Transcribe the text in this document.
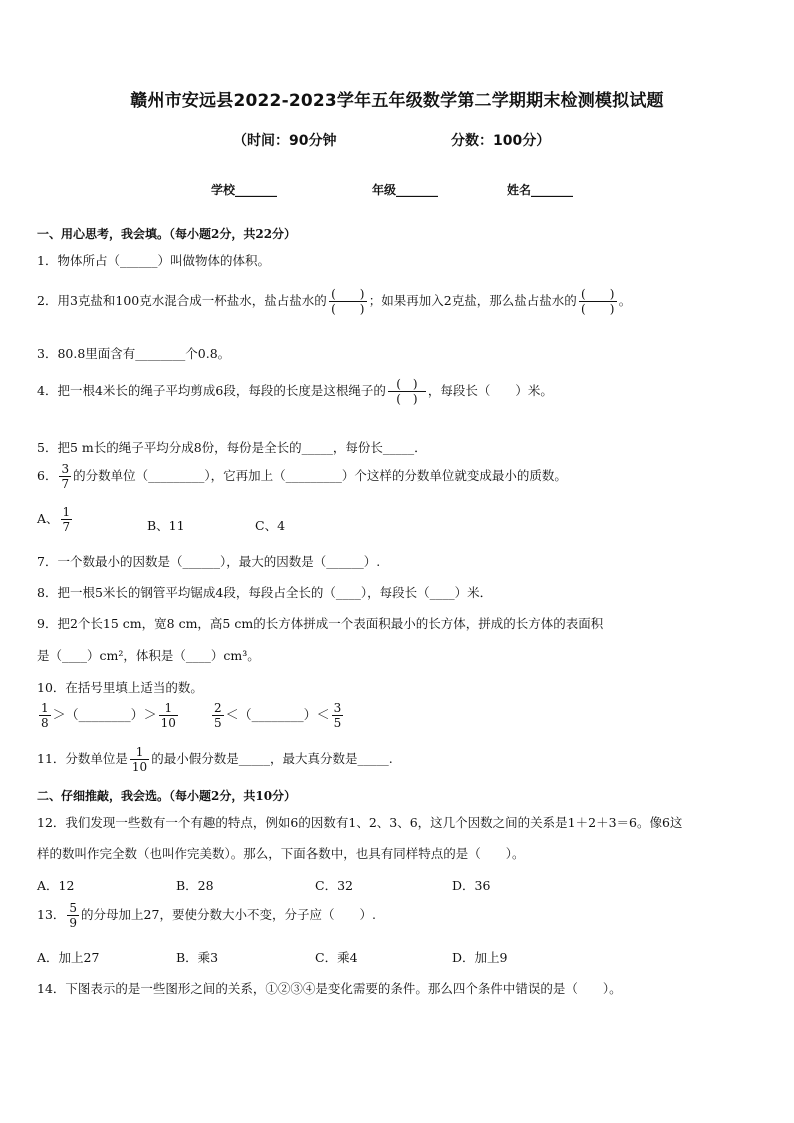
赣州市安远县2022-2023学年五年级数学第二学期期末检测模拟试题
（时间：90分钟	分数：100分）
学校_______	年级_______	姓名_______
一、用心思考，我会填。（每小题2分，共22分）
1．物体所占（______）叫做物体的体积。
2．用3克盐和100克水混合成一杯盐水，盐占盐水的 $\frac{( )}{( )}$ ；如果再加入2克盐，那么盐占盐水的 $\frac{( )}{( )}$ 。
3．80.8里面含有________个0.8。
4．把一根4米长的绳子平均剪成6段，每段的长度是这根绳子的 $\frac{( )}{( )}$ ，每段长（　　）米。
5．把5 m长的绳子平均分成8份，每份是全长的_____，每份长_____．
6． $\frac{3}{7}$ 的分数单位（_________），它再加上（_________）个这样的分数单位就变成最小的质数。
A、 $\frac{1}{7}$	B、11	C、4
7．一个数最小的因数是（______），最大的因数是（______）.
8．把一根5米长的钢管平均锯成4段，每段占全长的（____），每段长（____）米．
9．把2个长15 cm，宽8 cm，高5 cm的长方体拼成一个表面积最小的长方体，拼成的长方体的表面积
是（____）cm²，体积是（____）cm³。
10．在括号里填上适当的数。
$\frac{1}{8}$ ＞（________）＞ $\frac{1}{10}$	$\frac{2}{5}$ ＜（________）＜ $\frac{3}{5}$
11．分数单位是 $\frac{1}{10}$ 的最小假分数是_____，最大真分数是_____.
二、仔细推敲，我会选。（每小题2分，共10分）
12．我们发现一些数有一个有趣的特点，例如6的因数有1、2、3、6，这几个因数之间的关系是1＋2＋3＝6。像6这
样的数叫作完全数（也叫作完美数）。那么，下面各数中，也具有同样特点的是（　　）。
A．12	B．28	C．32	D．36
13． $\frac{5}{9}$ 的分母加上27，要使分数大小不变，分子应（　　）.
A．加上27	B．乘3	C．乘4	D．加上9
14．下图表示的是一些图形之间的关系，①②③④是变化需要的条件。那么四个条件中错误的是（　　）。
